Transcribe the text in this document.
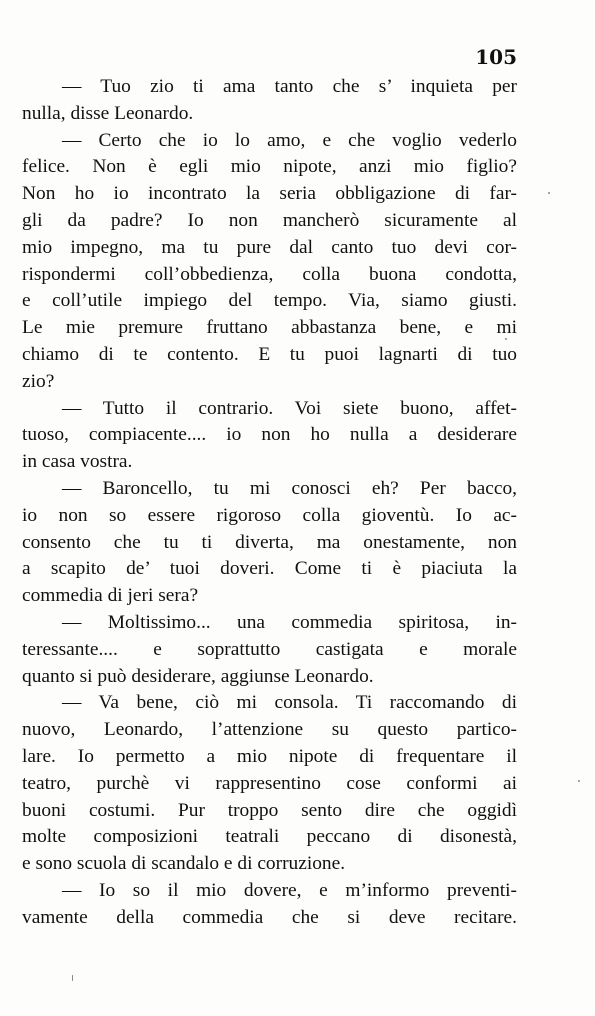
105
— Tuo zio ti ama tanto che s’ inquieta per
nulla, disse Leonardo.
— Certo che io lo amo, e che voglio vederlo
felice. Non è egli mio nipote, anzi mio figlio?
Non ho io incontrato la seria obbligazione di far-
gli da padre? Io non mancherò sicuramente al
mio impegno, ma tu pure dal canto tuo devi cor-
rispondermi coll’obbedienza, colla buona condotta,
e coll’utile impiego del tempo. Via, siamo giusti.
Le mie premure fruttano abbastanza bene, e mi
chiamo di te contento. E tu puoi lagnarti di tuo
zio?
— Tutto il contrario. Voi siete buono, affet-
tuoso, compiacente.... io non ho nulla a desiderare
in casa vostra.
— Baroncello, tu mi conosci eh? Per bacco,
io non so essere rigoroso colla gioventù. Io ac-
consento che tu ti diverta, ma onestamente, non
a scapito de’ tuoi doveri. Come ti è piaciuta la
commedia di jeri sera?
— Moltissimo... una commedia spiritosa, in-
teressante.... e soprattutto castigata e morale
quanto si può desiderare, aggiunse Leonardo.
— Va bene, ciò mi consola. Ti raccomando di
nuovo, Leonardo, l’attenzione su questo partico-
lare. Io permetto a mio nipote di frequentare il
teatro, purchè vi rappresentino cose conformi ai
buoni costumi. Pur troppo sento dire che oggidì
molte composizioni teatrali peccano di disonestà,
e sono scuola di scandalo e di corruzione.
— Io so il mio dovere, e m’informo preventi-
vamente della commedia che si deve recitare.
